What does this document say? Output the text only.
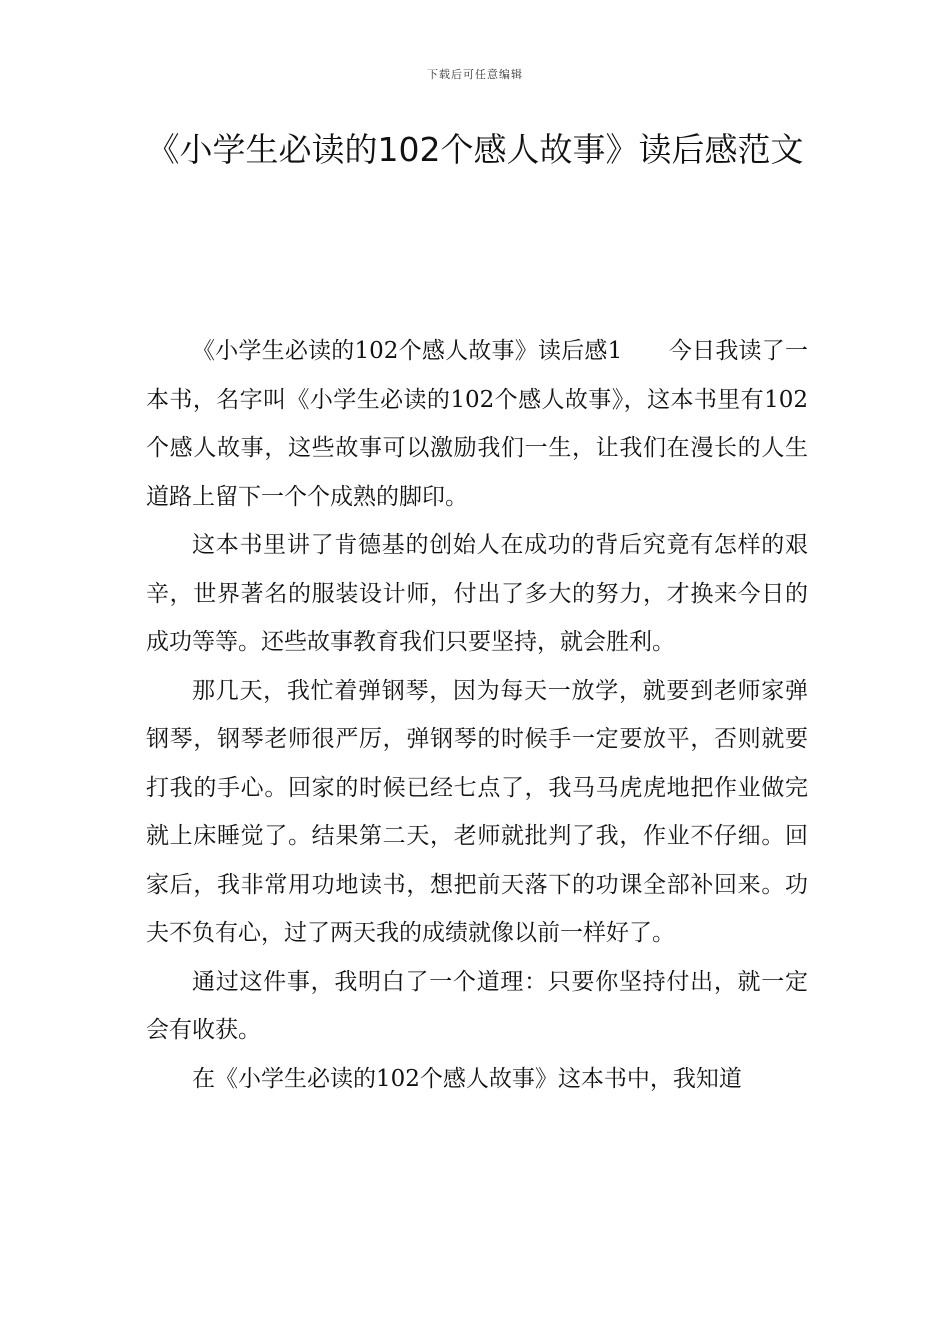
下载后可任意编辑
《小学生必读的102个感人故事》读后感范文

《小学生必读的102个感人故事》读后感1　　今日我读了一本书，名字叫《小学生必读的102个感人故事》，这本书里有102个感人故事，这些故事可以激励我们一生，让我们在漫长的人生道路上留下一个个成熟的脚印。

这本书里讲了肯德基的创始人在成功的背后究竟有怎样的艰辛，世界著名的服装设计师，付出了多大的努力，才换来今日的成功等等。还些故事教育我们只要坚持，就会胜利。

那几天，我忙着弹钢琴，因为每天一放学，就要到老师家弹钢琴，钢琴老师很严厉，弹钢琴的时候手一定要放平，否则就要打我的手心。回家的时候已经七点了，我马马虎虎地把作业做完就上床睡觉了。结果第二天，老师就批判了我，作业不仔细。回家后，我非常用功地读书，想把前天落下的功课全部补回来。功夫不负有心，过了两天我的成绩就像以前一样好了。

通过这件事，我明白了一个道理：只要你坚持付出，就一定会有收获。

在《小学生必读的102个感人故事》这本书中，我知道
